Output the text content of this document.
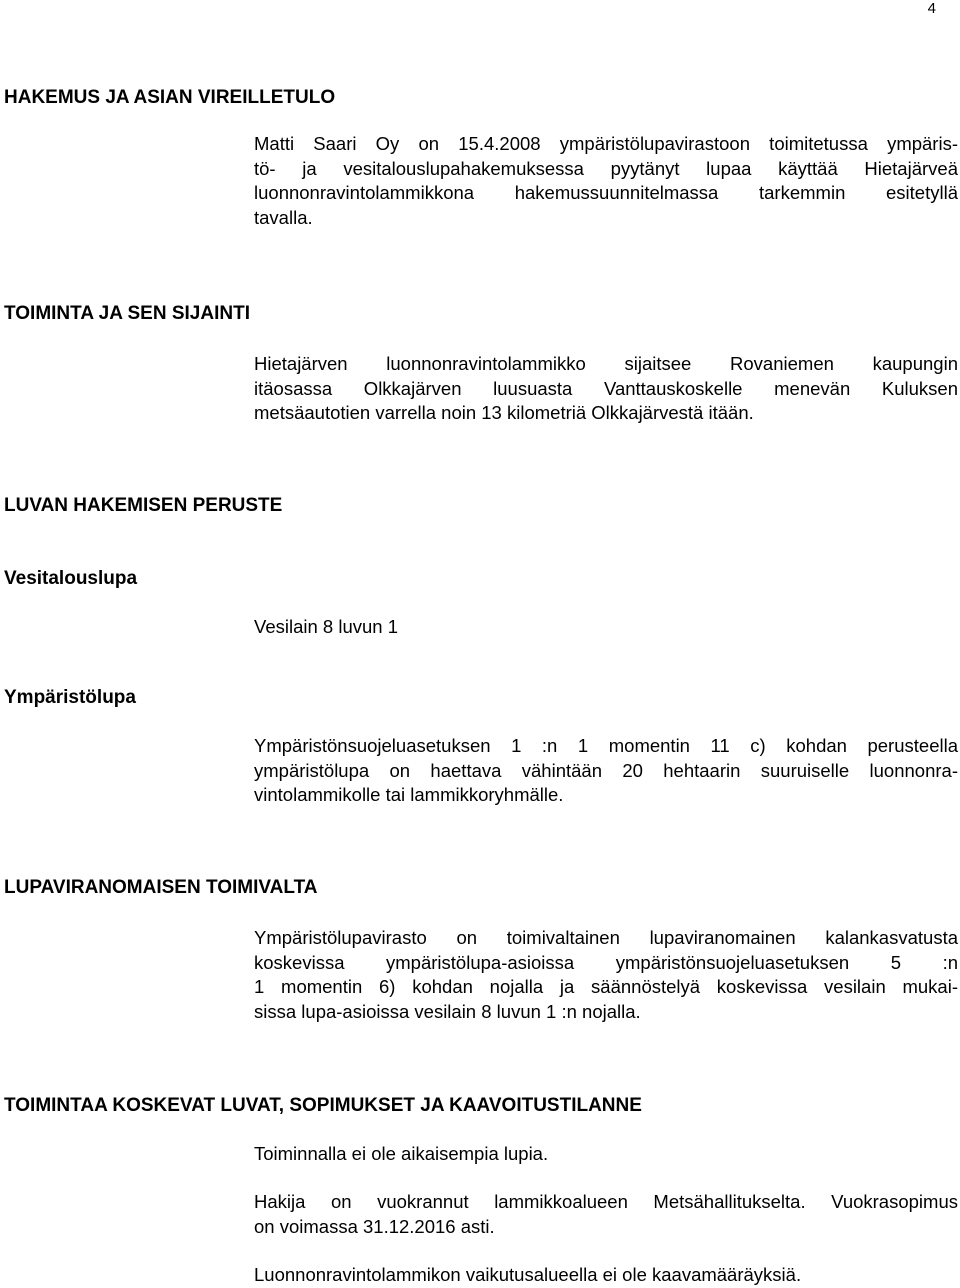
4
HAKEMUS JA ASIAN VIREILLETULO
Matti Saari Oy on 15.4.2008 ympäristölupavirastoon toimitetussa ympäris-
tö- ja vesitalouslupahakemuksessa pyytänyt lupaa käyttää Hietajärveä
luonnonravintolammikkona hakemussuunnitelmassa tarkemmin esitetyllä
tavalla.
TOIMINTA JA SEN SIJAINTI
Hietajärven luonnonravintolammikko sijaitsee Rovaniemen kaupungin
itäosassa Olkkajärven luusuasta Vanttauskoskelle menevän Kuluksen
metsäautotien varrella noin 13 kilometriä Olkkajärvestä itään.
LUVAN HAKEMISEN PERUSTE
Vesitalouslupa
Vesilain 8 luvun 1
Ympäristölupa
Ympäristönsuojeluasetuksen 1 :n 1 momentin 11 c) kohdan perusteella
ympäristölupa on haettava vähintään 20 hehtaarin suuruiselle luonnonra-
vintolammikolle tai lammikkoryhmälle.
LUPAVIRANOMAISEN TOIMIVALTA
Ympäristölupavirasto on toimivaltainen lupaviranomainen kalankasvatusta
koskevissa ympäristölupa-asioissa ympäristönsuojeluasetuksen 5 :n
1 momentin 6) kohdan nojalla ja säännöstelyä koskevissa vesilain mukai-
sissa lupa-asioissa vesilain 8 luvun 1 :n nojalla.
TOIMINTAA KOSKEVAT LUVAT, SOPIMUKSET JA KAAVOITUSTILANNE
Toiminnalla ei ole aikaisempia lupia.
Hakija on vuokrannut lammikkoalueen Metsähallitukselta. Vuokrasopimus
on voimassa 31.12.2016 asti.
Luonnonravintolammikon vaikutusalueella ei ole kaavamääräyksiä.
